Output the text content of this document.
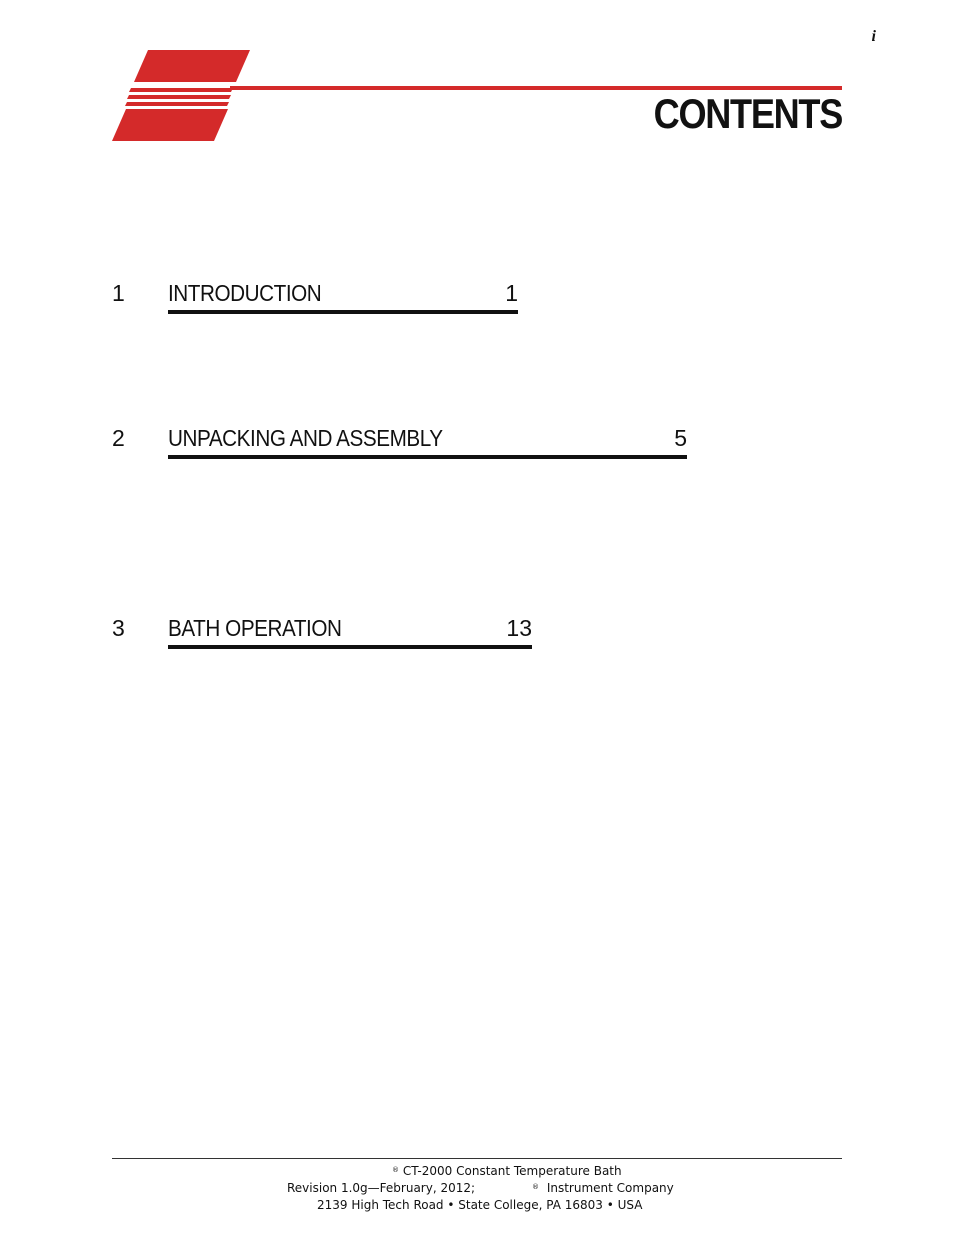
i
CONTENTS
1 INTRODUCTION	1
2 UNPACKING AND ASSEMBLY	5
3 BATH OPERATION	13
® CT-2000 Constant Temperature Bath
Revision 1.0g—February, 2012;	® Instrument Company
2139 High Tech Road • State College, PA 16803 • USA
